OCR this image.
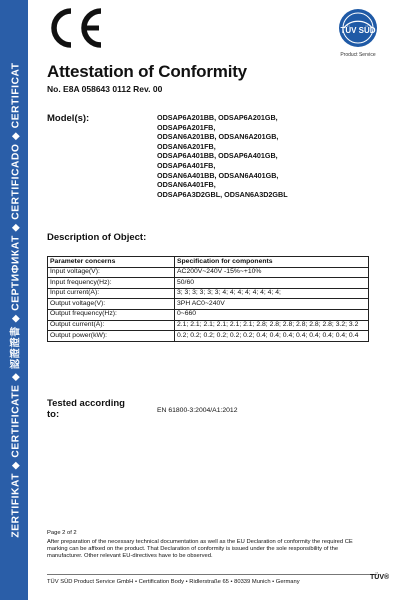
ZERTIFIKAT ◆ CERTIFICATE ◆ 認證證書 ◆ СЕРТИФИКАТ ◆ CERTIFICADO ◆ CERTIFICAT
TÜV SÜD
Product Service
Attestation of Conformity
No. E8A 058643 0112 Rev. 00
Model(s):	ODSAP6A201BB, ODSAP6A201GB,
ODSAP6A201FB,
ODSAN6A201BB, ODSAN6A201GB,
ODSAN6A201FB,
ODSAP6A401BB, ODSAP6A401GB,
ODSAP6A401FB,
ODSAN6A401BB, ODSAN6A401GB,
ODSAN6A401FB,
ODSAP6A3D2GBL, ODSAN6A3D2GBL
Description of Object:
Parameter concerns	Specification for components
Input voltage(V):	AC200V~240V -15%~+10%
Input frequency(Hz):	50/60
Input current(A):	3; 3; 3; 3; 3; 3; 4; 4; 4; 4; 4; 4; 4; 4;
Output voltage(V):	3PH AC0~240V
Output frequency(Hz):	0~660
Output current(A):	2.1; 2.1; 2.1; 2.1; 2.1; 2.1; 2.8; 2.8; 2.8; 2.8; 2.8; 2.8; 3.2; 3.2
Output power(kW):	0.2; 0.2; 0.2; 0.2; 0.2; 0.2; 0.4; 0.4; 0.4; 0.4; 0.4; 0.4; 0.4; 0.4
Tested according to:	EN 61800-3:2004/A1:2012
Page 2 of 2
After preparation of the necessary technical documentation as well as the EU Declaration of conformity the required CE marking can be affixed on the product. That Declaration of conformity is issued under the sole responsibility of the manufacturer. Other relevant EU-directives have to be observed.
TÜV SÜD Product Service GmbH • Certification Body • Ridlerstraße 65 • 80339 Munich • Germany
TÜV®
